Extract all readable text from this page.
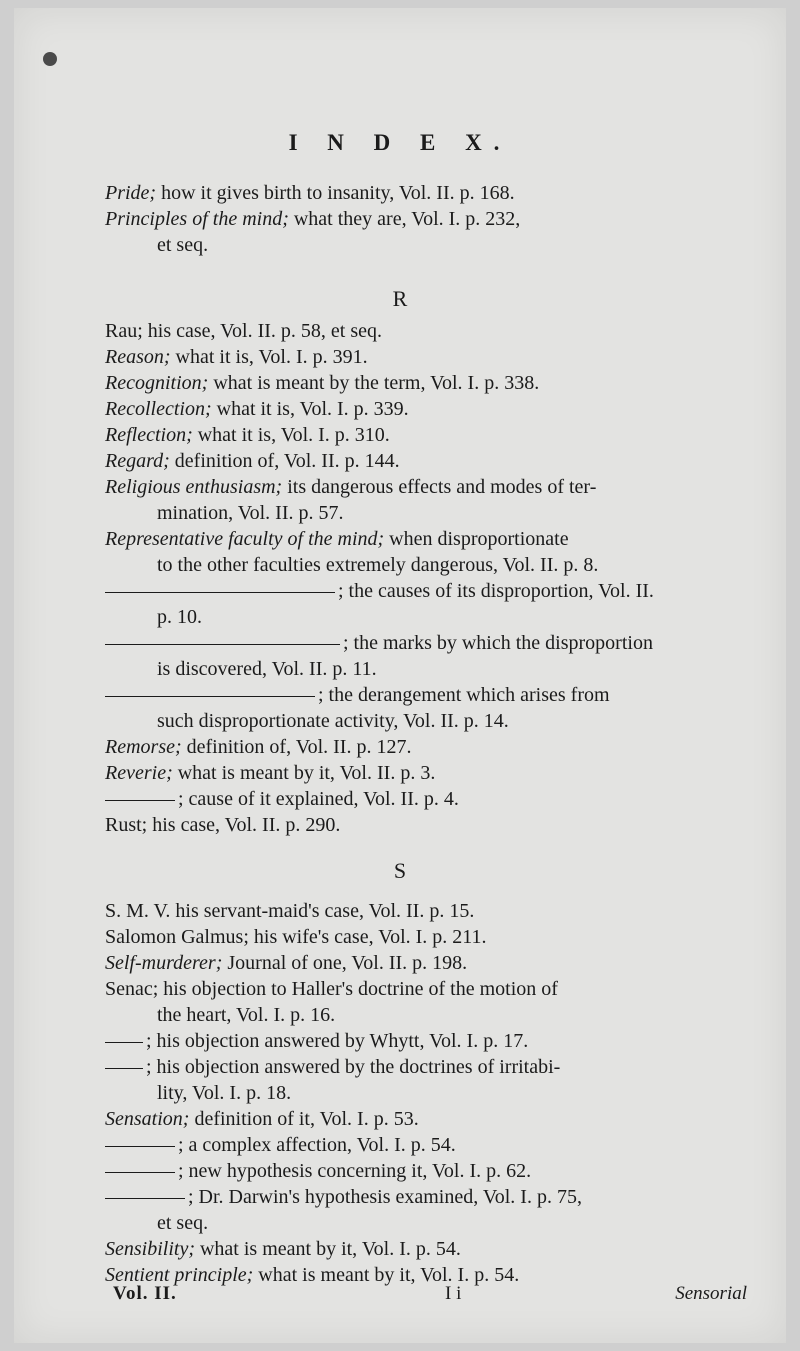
I N D E X.

Pride; how it gives birth to insanity, Vol. II. p. 168.

Principles of the mind; what they are, Vol. I. p. 232,

et seq.

R

Rau; his case, Vol. II. p. 58, et seq.

Reason; what it is, Vol. I. p. 391.

Recognition; what is meant by the term, Vol. I. p. 338.

Recollection; what it is, Vol. I. p. 339.

Reflection; what it is, Vol. I. p. 310.

Regard; definition of, Vol. II. p. 144.

Religious enthusiasm; its dangerous effects and modes of ter-

mination, Vol. II. p. 57.

Representative faculty of the mind; when disproportionate

to the other faculties extremely dangerous, Vol. II. p. 8.

; the causes of its disproportion, Vol. II.

p. 10.

; the marks by which the disproportion

is discovered, Vol. II. p. 11.

; the derangement which arises from

such disproportionate activity, Vol. II. p. 14.

Remorse; definition of, Vol. II. p. 127.

Reverie; what is meant by it, Vol. II. p. 3.

; cause of it explained, Vol. II. p. 4.

Rust; his case, Vol. II. p. 290.

S

S. M. V. his servant-maid's case, Vol. II. p. 15.

Salomon Galmus; his wife's case, Vol. I. p. 211.

Self-murderer; Journal of one, Vol. II. p. 198.

Senac; his objection to Haller's doctrine of the motion of

the heart, Vol. I. p. 16.

; his objection answered by Whytt, Vol. I. p. 17.

; his objection answered by the doctrines of irritabi-

lity, Vol. I. p. 18.

Sensation; definition of it, Vol. I. p. 53.

; a complex affection, Vol. I. p. 54.

; new hypothesis concerning it, Vol. I. p. 62.

; Dr. Darwin's hypothesis examined, Vol. I. p. 75,

et seq.

Sensibility; what is meant by it, Vol. I. p. 54.

Sentient principle; what is meant by it, Vol. I. p. 54.

Vol. II.	I i	Sensorial
